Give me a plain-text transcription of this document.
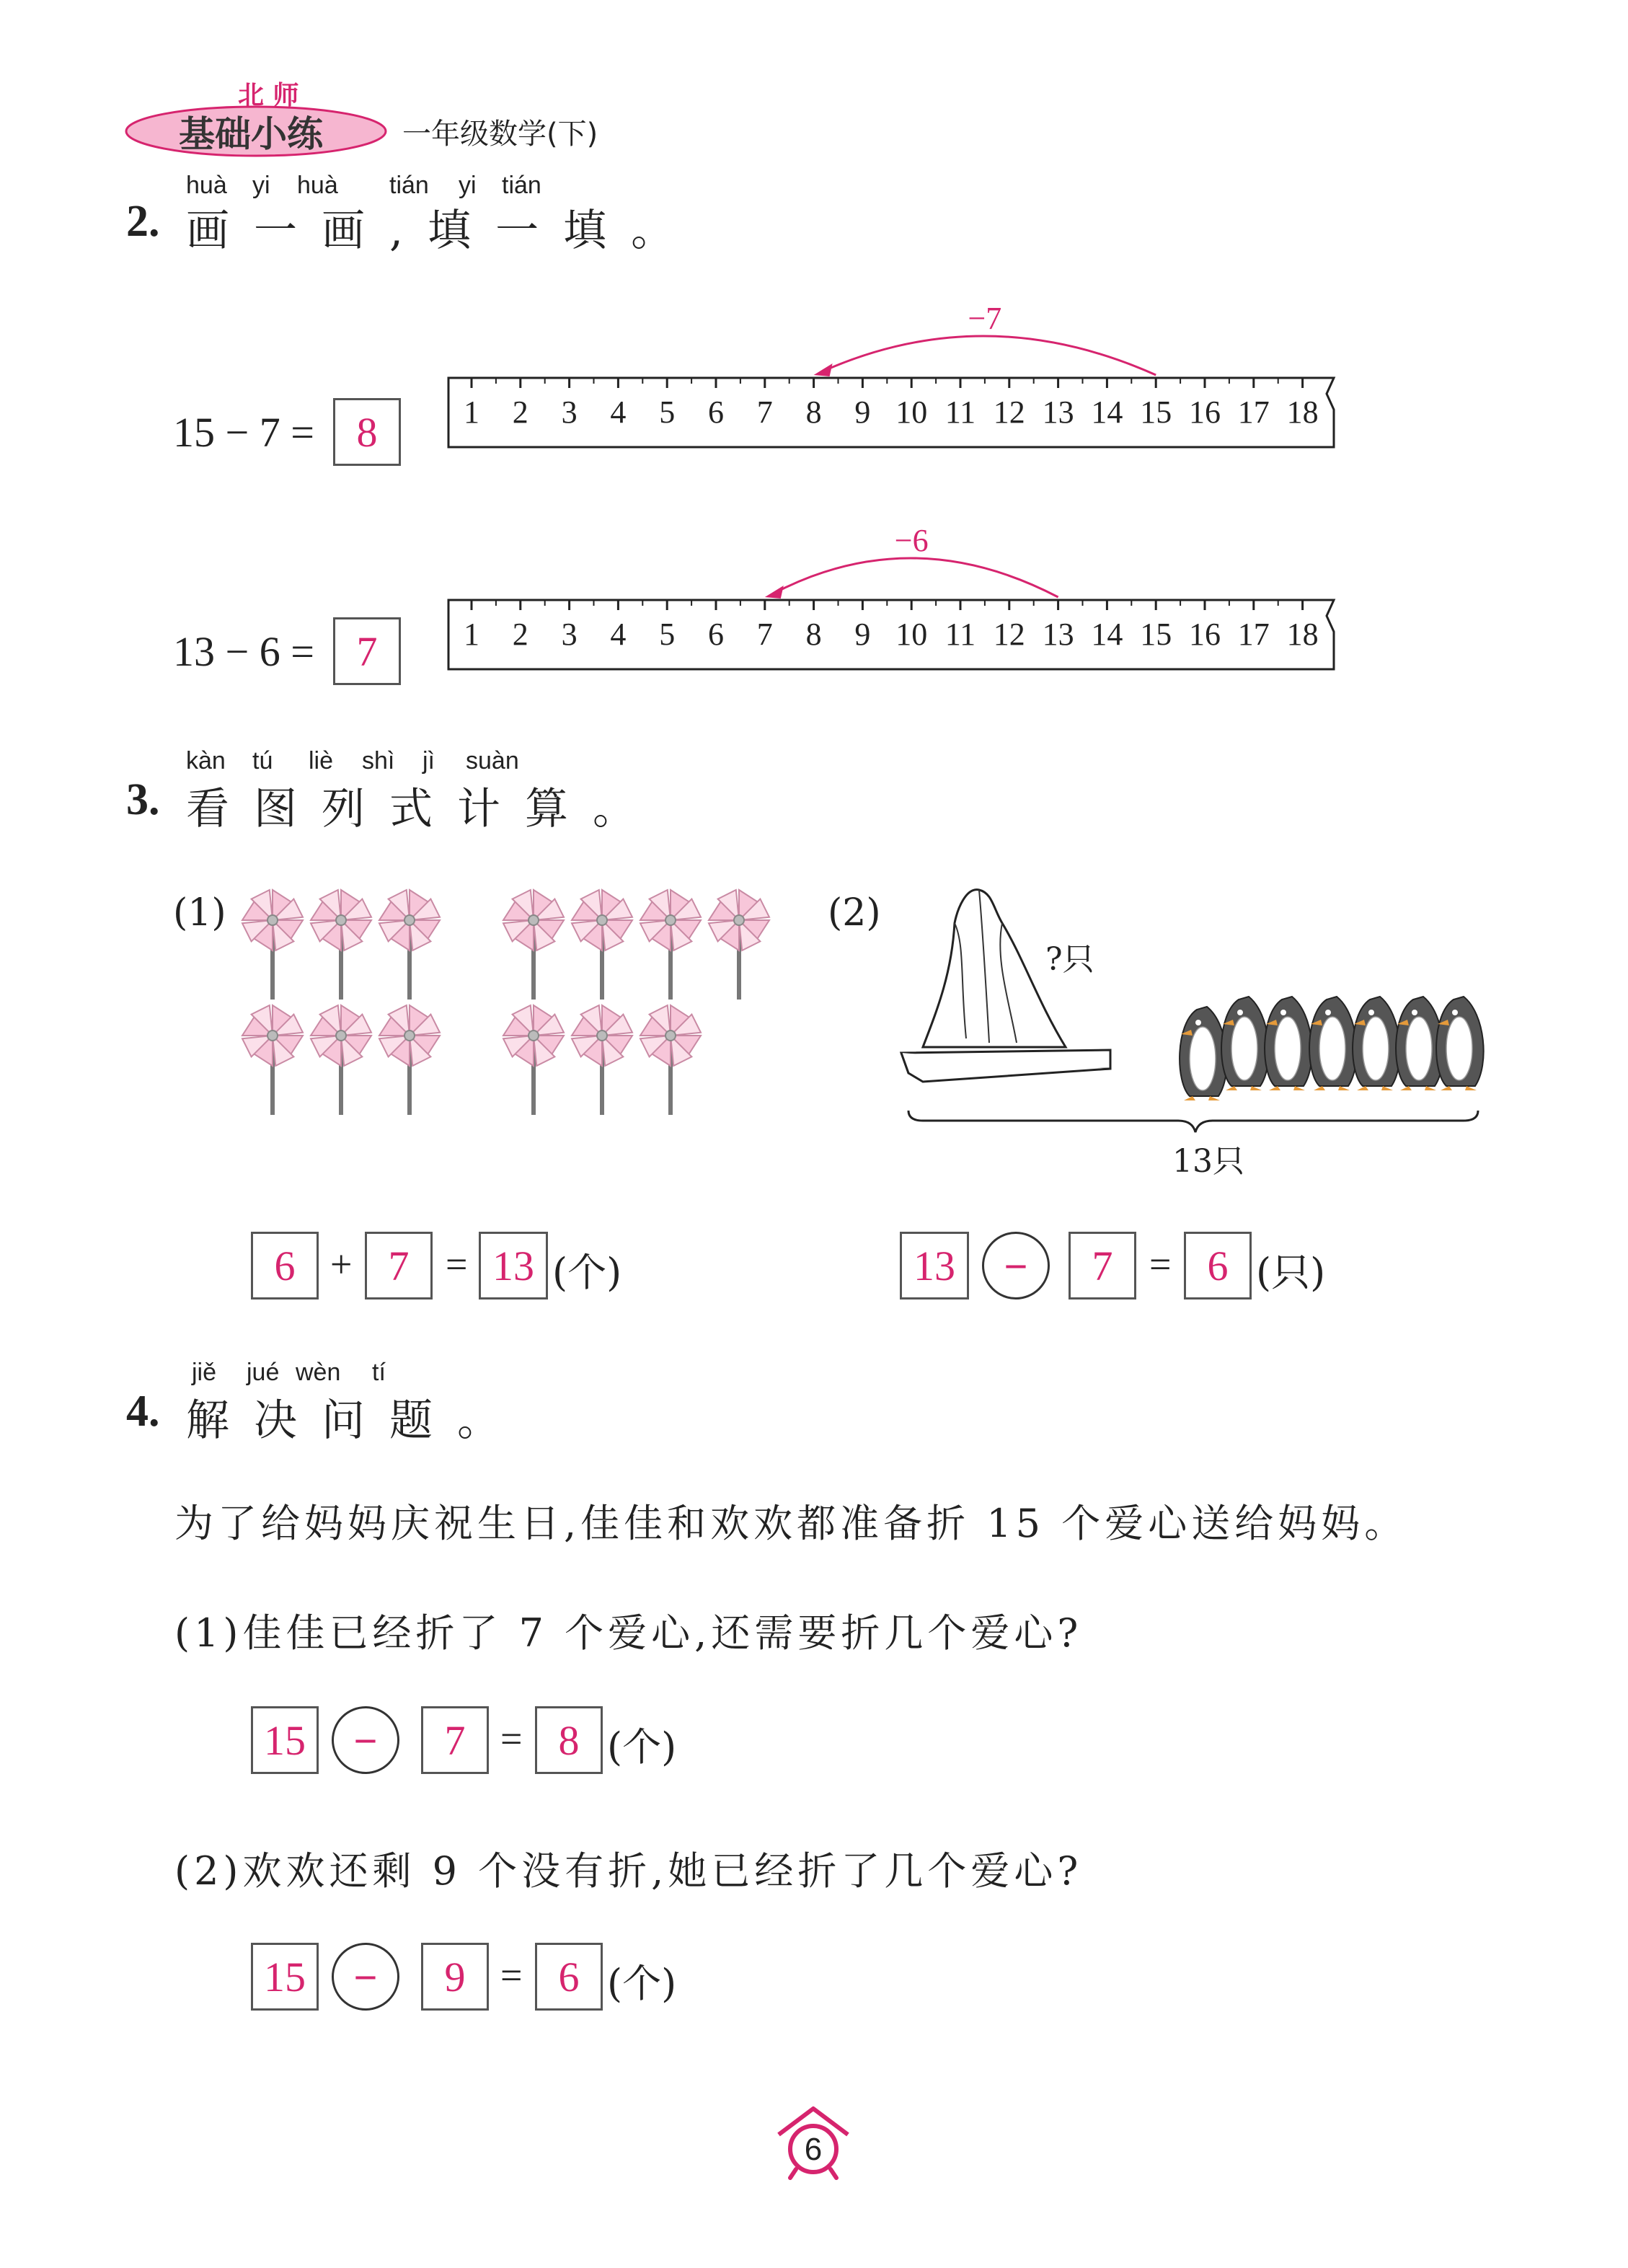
北 师
基础小练	一年级数学(下)
huà yi huà tián yi tián
2. 画一画,填一填。
15 − 7 =	8	1 2 3 4 5 6 7 8 9 10 11 12 13 14 15 16 17 18
−7
13 − 6 =	7	1 2 3 4 5 6 7 8 9 10 11 12 13 14 15 16 17 18
−6
kàn tú liè shì jì suàn
3. 看图列式计算。
(1)
6 + 7 = 13 (个)
(2)
?只
13只
13	−	7 = 6 (只)
jiě jué wèn tí
4. 解决问题。
为了给妈妈庆祝生日,佳佳和欢欢都准备折 15 个爱心送给妈妈。
(1)佳佳已经折了 7 个爱心,还需要折几个爱心?
15	−	7 = 8 (个)
(2)欢欢还剩 9 个没有折,她已经折了几个爱心?
15	−	9 = 6 (个)
6
